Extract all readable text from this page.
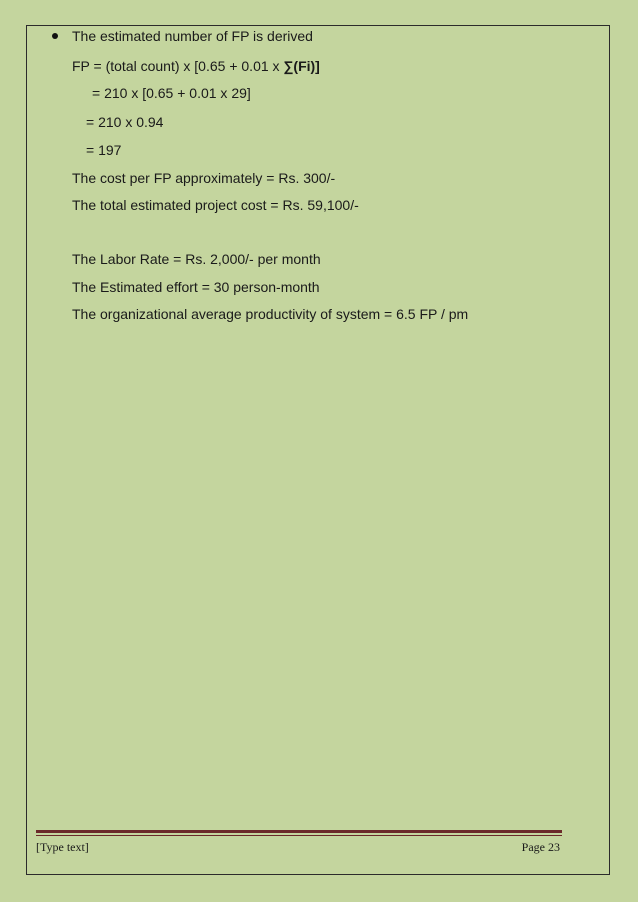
The estimated number of FP is derived
FP = (total count) x [0.65 + 0.01 x ∑(Fi)]
= 210 x [0.65 + 0.01 x 29]
= 210 x 0.94
= 197
The cost per FP approximately = Rs. 300/-
The total estimated project cost = Rs. 59,100/-
The Labor Rate = Rs. 2,000/- per month
The Estimated effort = 30 person-month
The organizational average productivity of system = 6.5 FP / pm
[Type text]	Page 23
